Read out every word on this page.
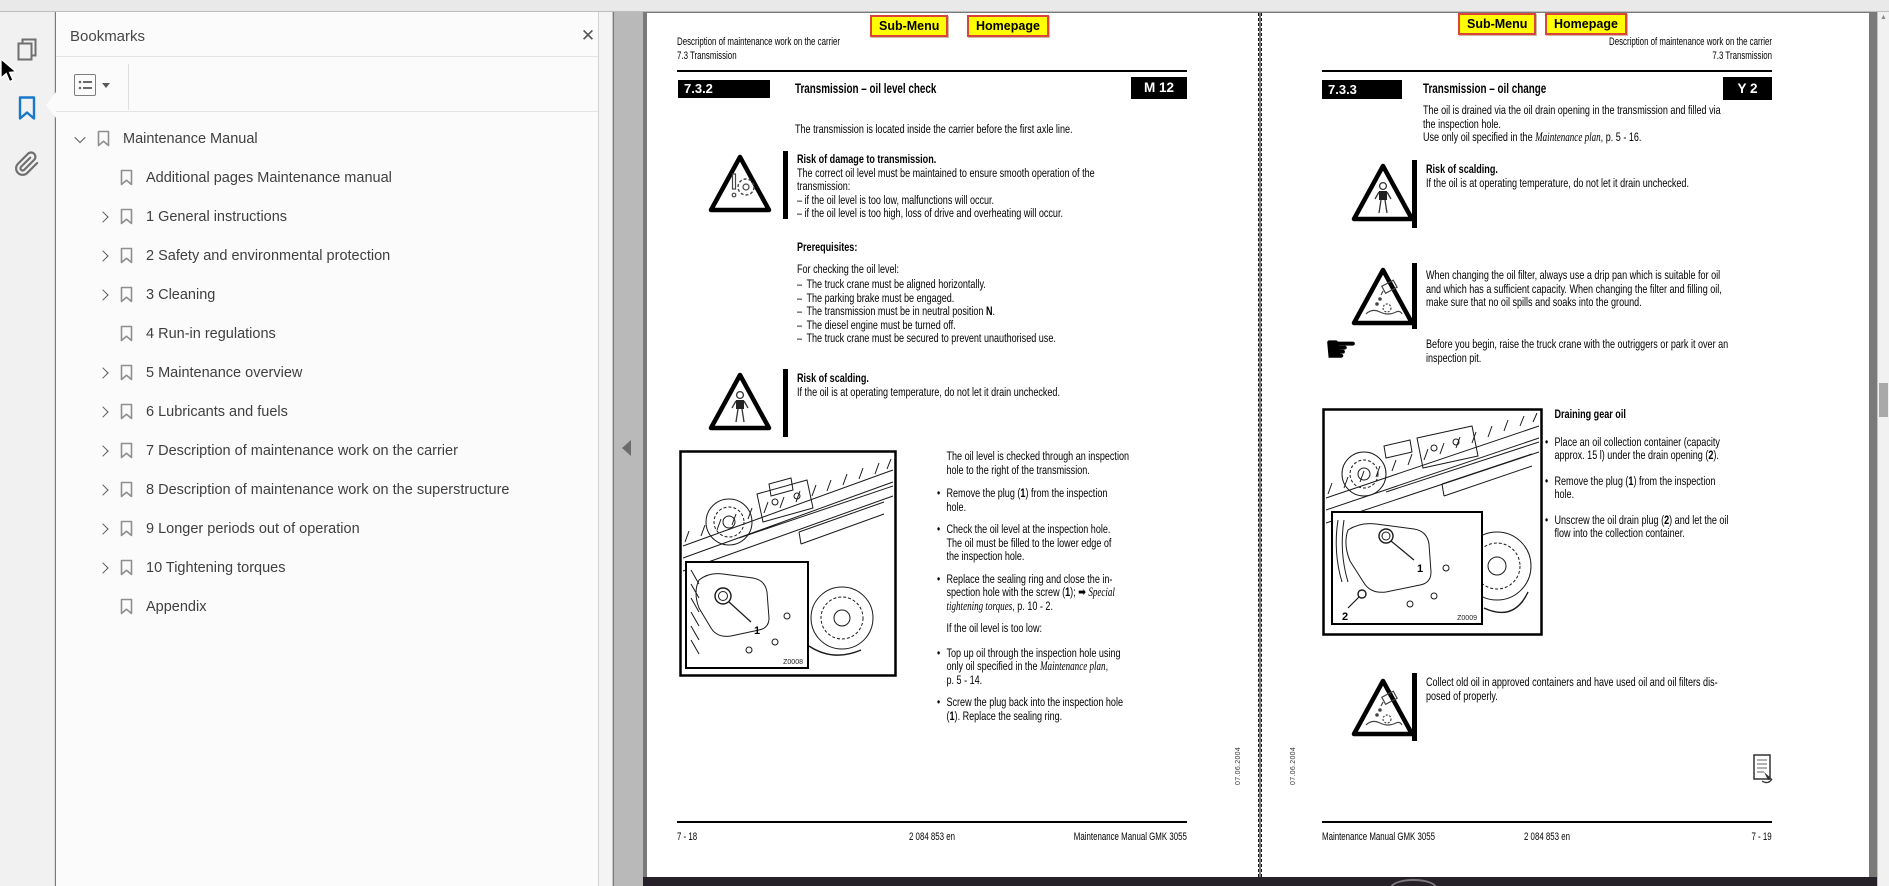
Bookmarks	✕
Maintenance Manual
Additional pages Maintenance manual
1 General instructions
2 Safety and environmental protection
3 Cleaning
4 Run-in regulations
5 Maintenance overview
6 Lubricants and fuels
7 Description of maintenance work on the carrier
8 Description of maintenance work on the superstructure
9 Longer periods out of operation
10 Tightening torques
Appendix
Sub-Menu	Homepage
Description of maintenance work on the carrier
7.3 Transmission
7.3.2	Transmission – oil level check	M 12
The transmission is located inside the carrier before the first axle line.
Risk of damage to transmission.
The correct oil level must be maintained to ensure smooth operation of the
transmission:
– if the oil level is too low, malfunctions will occur.
– if the oil level is too high, loss of drive and overheating will occur.
Prerequisites:
For checking the oil level:
– The truck crane must be aligned horizontally.
– The parking brake must be engaged.
– The transmission must be in neutral position N.
– The diesel engine must be turned off.
– The truck crane must be secured to prevent unauthorised use.
Risk of scalding.
If the oil is at operating temperature, do not let it drain unchecked.
1
Z0008
The oil level is checked through an inspection
hole to the right of the transmission.
• Remove the plug (1) from the inspection
hole.
• Check the oil level at the inspection hole.
The oil must be filled to the lower edge of
the inspection hole.
• Replace the sealing ring and close the in-
spection hole with the screw (1); ➡ Special
tightening torques, p. 10 - 2.
If the oil level is too low:
• Top up oil through the inspection hole using
only oil specified in the Maintenance plan,
p. 5 - 14.
• Screw the plug back into the inspection hole
(1). Replace the sealing ring.
07.06.2004
7 - 18	2 084 853 en	Maintenance Manual GMK 3055
Sub-Menu	Homepage
Description of maintenance work on the carrier
7.3 Transmission
7.3.3	Transmission – oil change	Y 2
The oil is drained via the oil drain opening in the transmission and filled via
the inspection hole.
Use only oil specified in the Maintenance plan, p. 5 - 16.
Risk of scalding.
If the oil is at operating temperature, do not let it drain unchecked.
When changing the oil filter, always use a drip pan which is suitable for oil
and which has a sufficient capacity. When changing the filter and filling oil,
make sure that no oil spills and soaks into the ground.
☛	Before you begin, raise the truck crane with the outriggers or park it over an
inspection pit.
1
2	Z0009
Draining gear oil
• Place an oil collection container (capacity
approx. 15 l) under the drain opening (2).
• Remove the plug (1) from the inspection
hole.
• Unscrew the oil drain plug (2) and let the oil
flow into the collection container.
Collect old oil in approved containers and have used oil and oil filters dis-
posed of properly.
07.06.2004
Maintenance Manual GMK 3055	2 084 853 en	7 - 19
▲
